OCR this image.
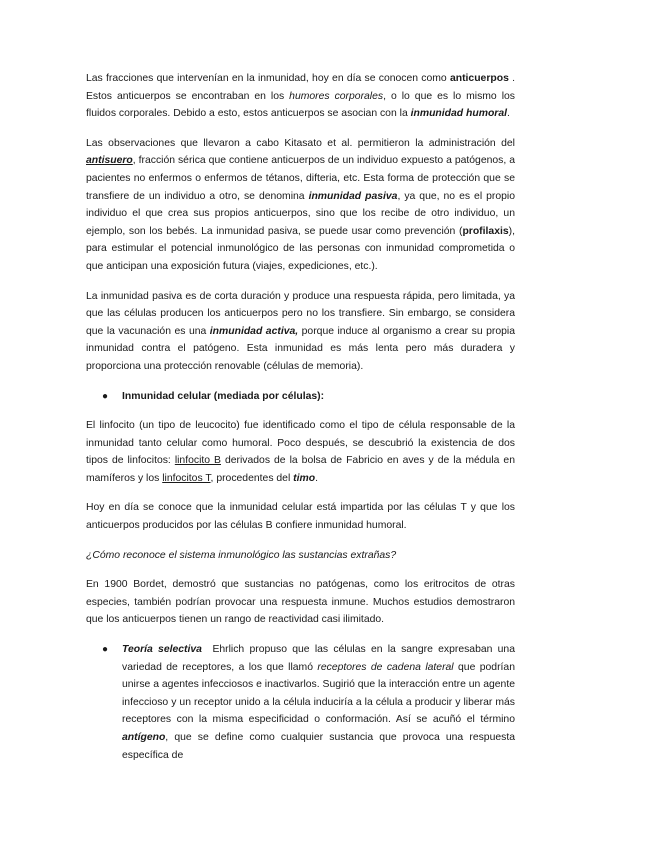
Las fracciones que intervenían en la inmunidad, hoy en día se conocen como anticuerpos . Estos anticuerpos se encontraban en los humores corporales, o lo que es lo mismo los fluidos corporales. Debido a esto, estos anticuerpos se asocian con la inmunidad humoral.

Las observaciones que llevaron a cabo Kitasato et al. permitieron la administración del antisuero, fracción sérica que contiene anticuerpos de un individuo expuesto a patógenos, a pacientes no enfermos o enfermos de tétanos, difteria, etc. Esta forma de protección que se transfiere de un individuo a otro, se denomina inmunidad pasiva, ya que, no es el propio individuo el que crea sus propios anticuerpos, sino que los recibe de otro individuo, un ejemplo, son los bebés. La inmunidad pasiva, se puede usar como prevención (profilaxis), para estimular el potencial inmunológico de las personas con inmunidad comprometida o que anticipan una exposición futura (viajes, expediciones, etc.).

La inmunidad pasiva es de corta duración y produce una respuesta rápida, pero limitada, ya que las células producen los anticuerpos pero no los transfiere. Sin embargo, se considera que la vacunación es una inmunidad activa, porque induce al organismo a crear su propia inmunidad contra el patógeno. Esta inmunidad es más lenta pero más duradera y proporciona una protección renovable (células de memoria).

● Inmunidad celular (mediada por células):

El linfocito (un tipo de leucocito) fue identificado como el tipo de célula responsable de la inmunidad tanto celular como humoral. Poco después, se descubrió la existencia de dos tipos de linfocitos: linfocito B derivados de la bolsa de Fabricio en aves y de la médula en mamíferos y los linfocitos T, procedentes del timo.

Hoy en día se conoce que la inmunidad celular está impartida por las células T y que los anticuerpos producidos por las células B confiere inmunidad humoral.

¿Cómo reconoce el sistema inmunológico las sustancias extrañas?

En 1900 Bordet, demostró que sustancias no patógenas, como los eritrocitos de otras especies, también podrían provocar una respuesta inmune. Muchos estudios demostraron que los anticuerpos tienen un rango de reactividad casi ilimitado.

● Teoría selectiva  Ehrlich propuso que las células en la sangre expresaban una variedad de receptores, a los que llamó receptores de cadena lateral que podrían unirse a agentes infecciosos e inactivarlos. Sugirió que la interacción entre un agente infeccioso y un receptor unido a la célula induciría a la célula a producir y liberar más receptores con la misma especificidad o conformación. Así se acuñó el término antígeno, que se define como cualquier sustancia que provoca una respuesta específica de
